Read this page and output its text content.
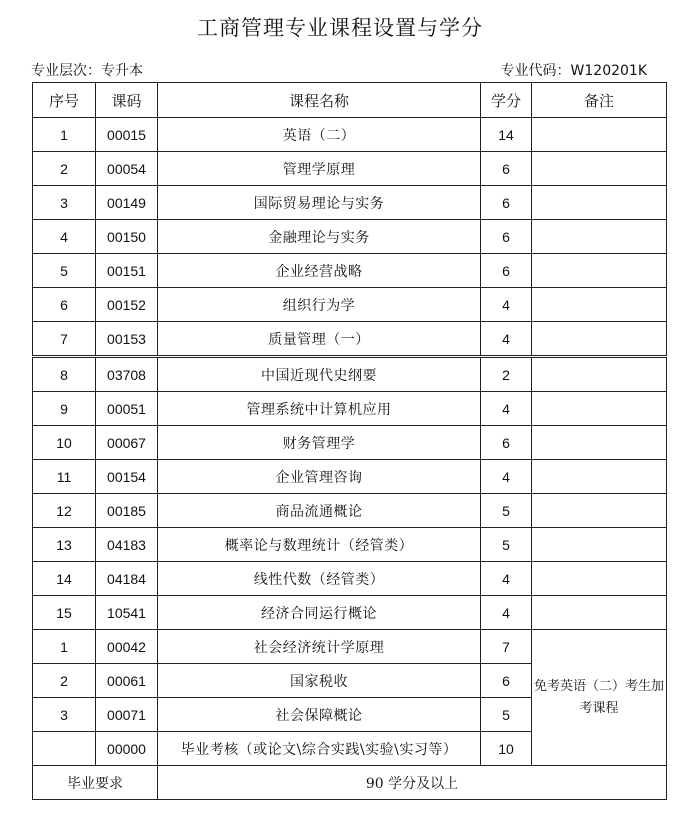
工商管理专业课程设置与学分
专业层次：专升本	专业代码：W120201K
序号	课码	课程名称	学分	备注
1	00015	英语（二）	14	
2	00054	管理学原理	6	
3	00149	国际贸易理论与实务	6	
4	00150	金融理论与实务	6	
5	00151	企业经营战略	6	
6	00152	组织行为学	4	
7	00153	质量管理（一）	4	
8	03708	中国近现代史纲要	2	
9	00051	管理系统中计算机应用	4	
10	00067	财务管理学	6	
11	00154	企业管理咨询	4	
12	00185	商品流通概论	5	
13	04183	概率论与数理统计（经管类）	5	
14	04184	线性代数（经管类）	4	
15	10541	经济合同运行概论	4	
1	00042	社会经济统计学原理	7	免考英语（二）考生加考课程
2	00061	国家税收	6	
3	00071	社会保障概论	5	
	00000	毕业考核（或论文\综合实践\实验\实习等）	10	
毕业要求		90 学分及以上		
